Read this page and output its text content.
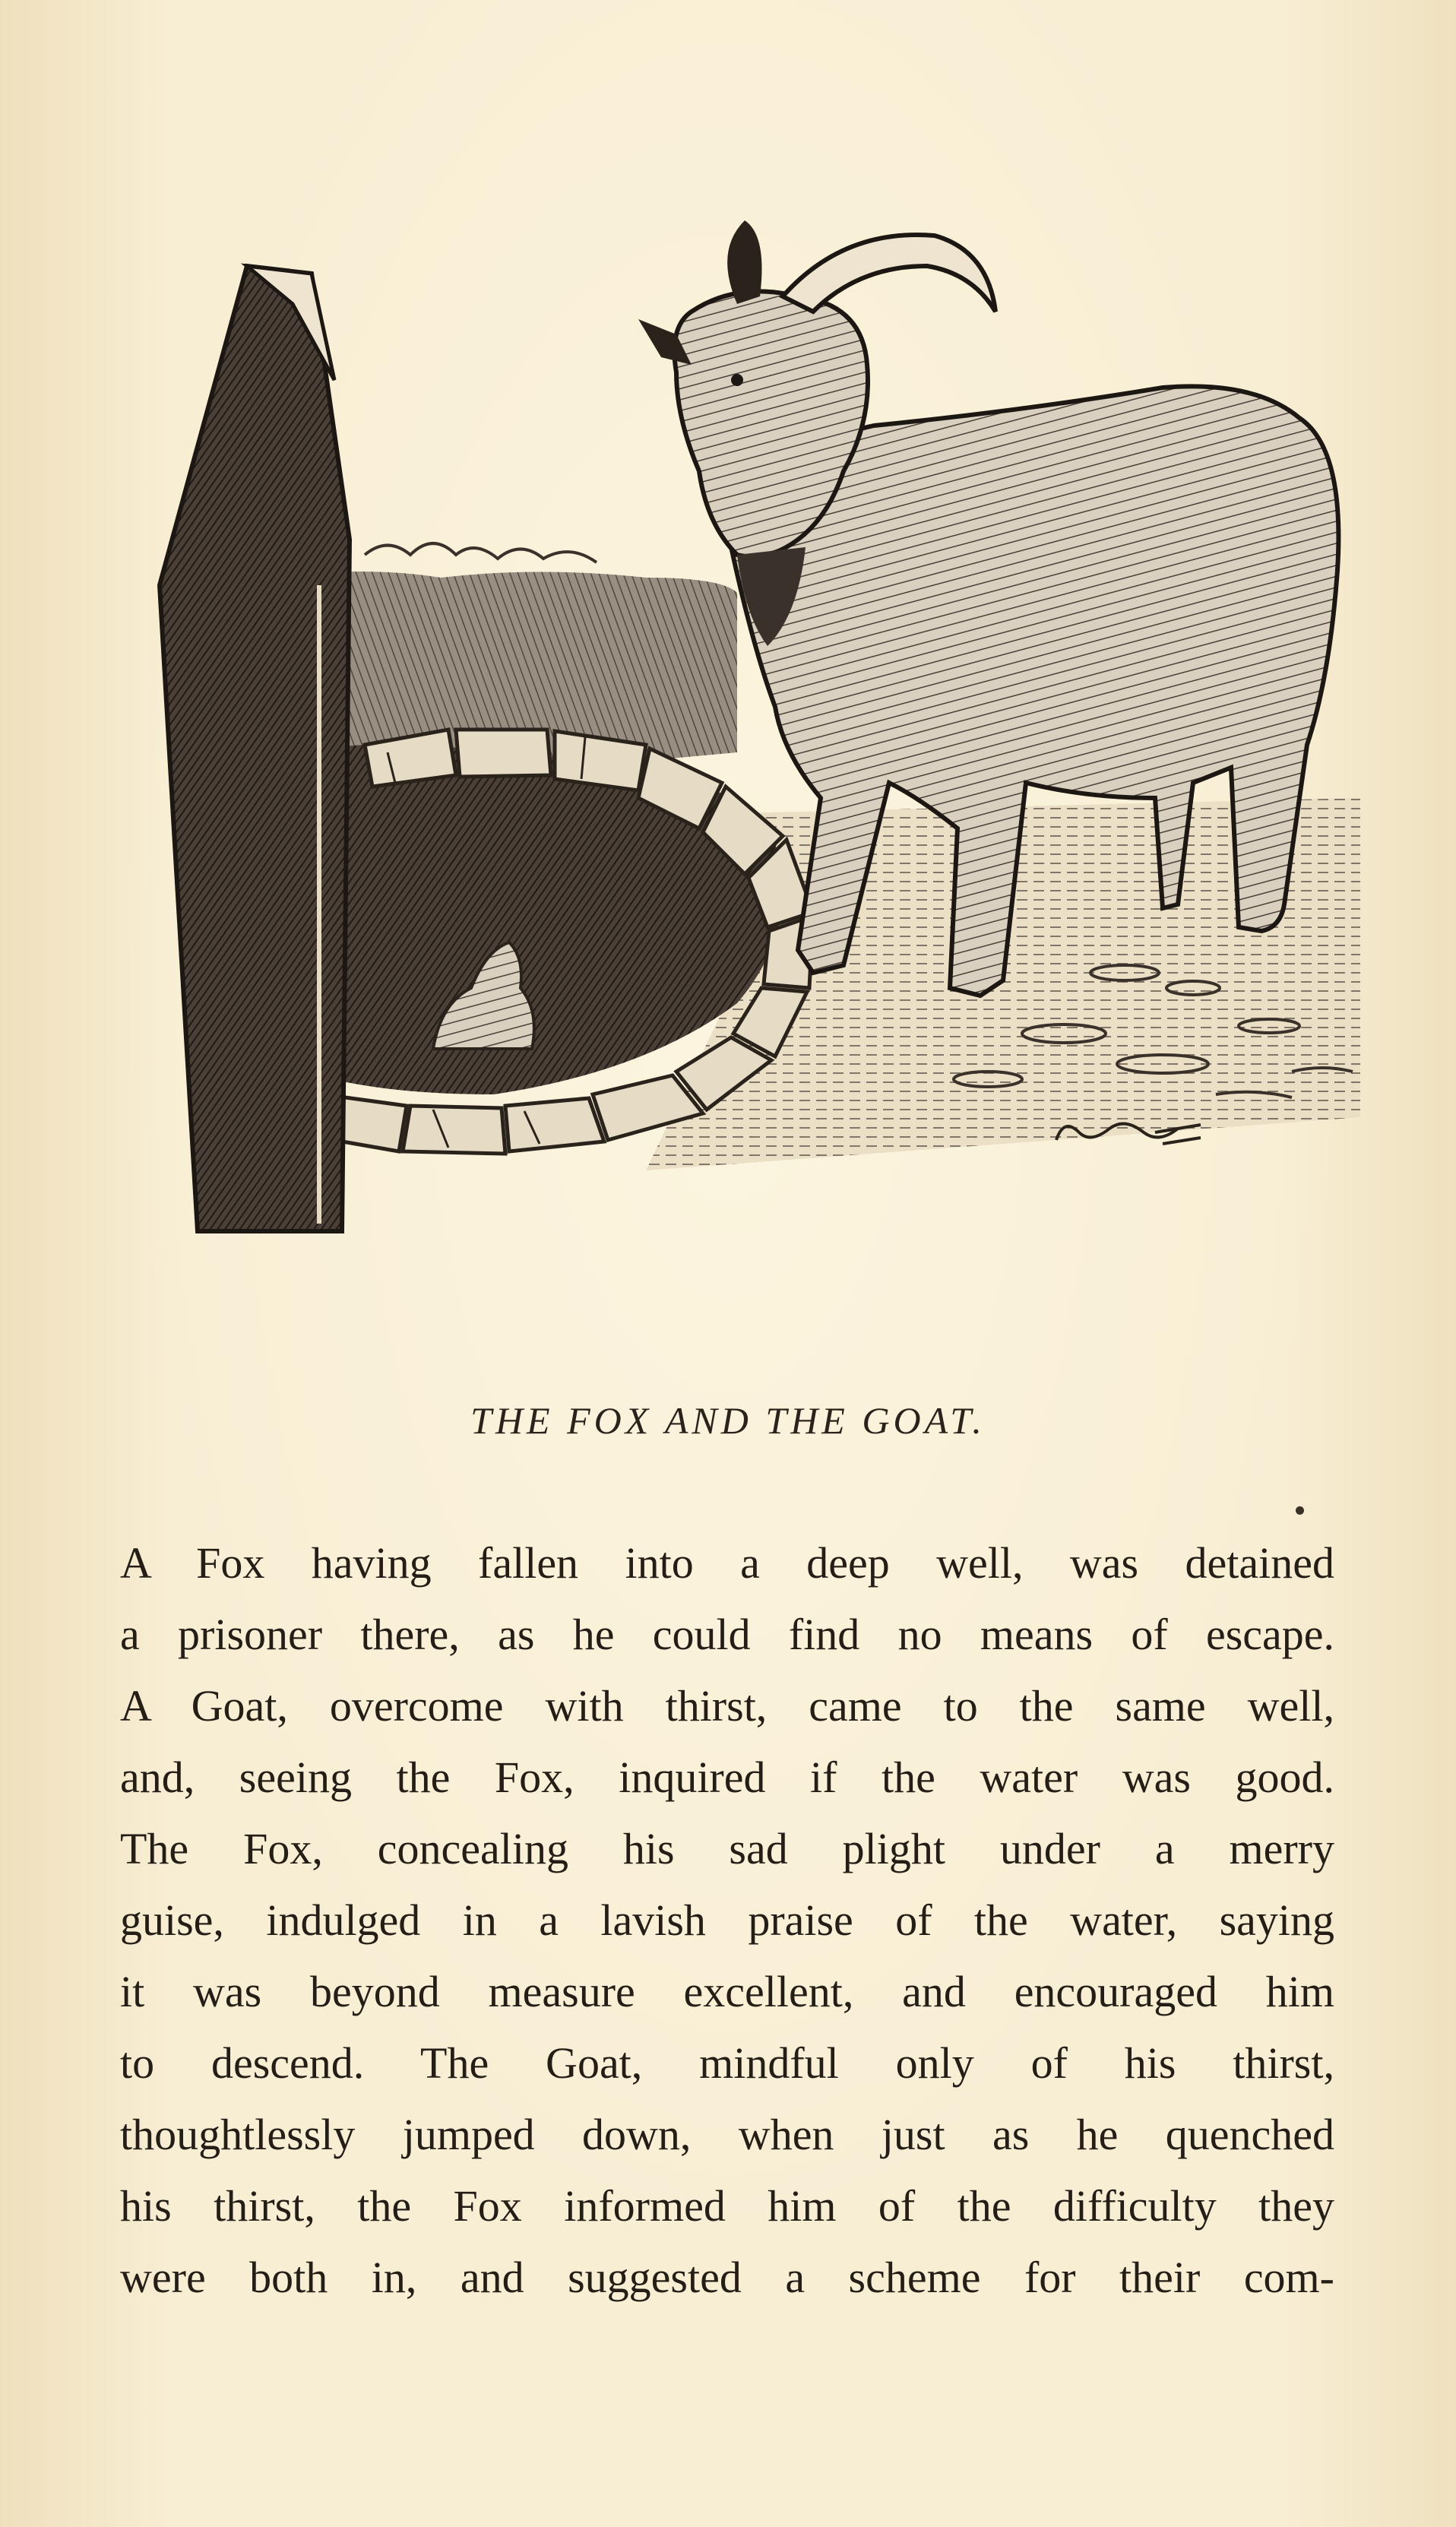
THE FOX AND THE GOAT.
A Fox having fallen into a deep well, was detained
a prisoner there, as he could find no means of escape.
A Goat, overcome with thirst, came to the same well,
and, seeing the Fox, inquired if the water was good.
The Fox, concealing his sad plight under a merry
guise, indulged in a lavish praise of the water, saying
it was beyond measure excellent, and encouraged him
to descend. The Goat, mindful only of his thirst,
thoughtlessly jumped down, when just as he quenched
his thirst, the Fox informed him of the difficulty they
were both in, and suggested a scheme for their com-
